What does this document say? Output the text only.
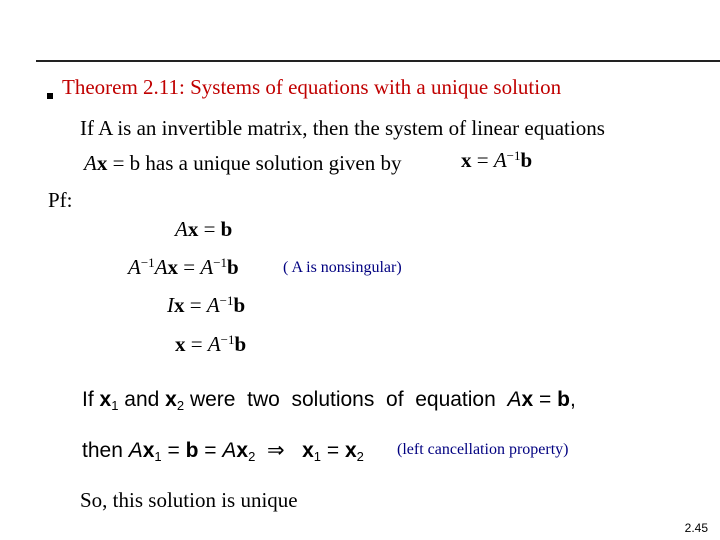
Theorem 2.11: Systems of equations with a unique solution
If A is an invertible matrix, then the system of linear equations
Ax = b has a unique solution given by	$x = A^{-1}b$
Pf:
Ax = b
$A^{-1}Ax = A^{-1}b$	( A is nonsingular)
$Ix = A^{-1}b$
$x = A^{-1}b$
If $x_1$ and $x_2$ were  two  solutions  of  equation  Ax = b,
then $Ax_1 = b = Ax_2$  ⇒   $x_1 = x_2$ (left cancellation property)
So, this solution is unique
2.45
